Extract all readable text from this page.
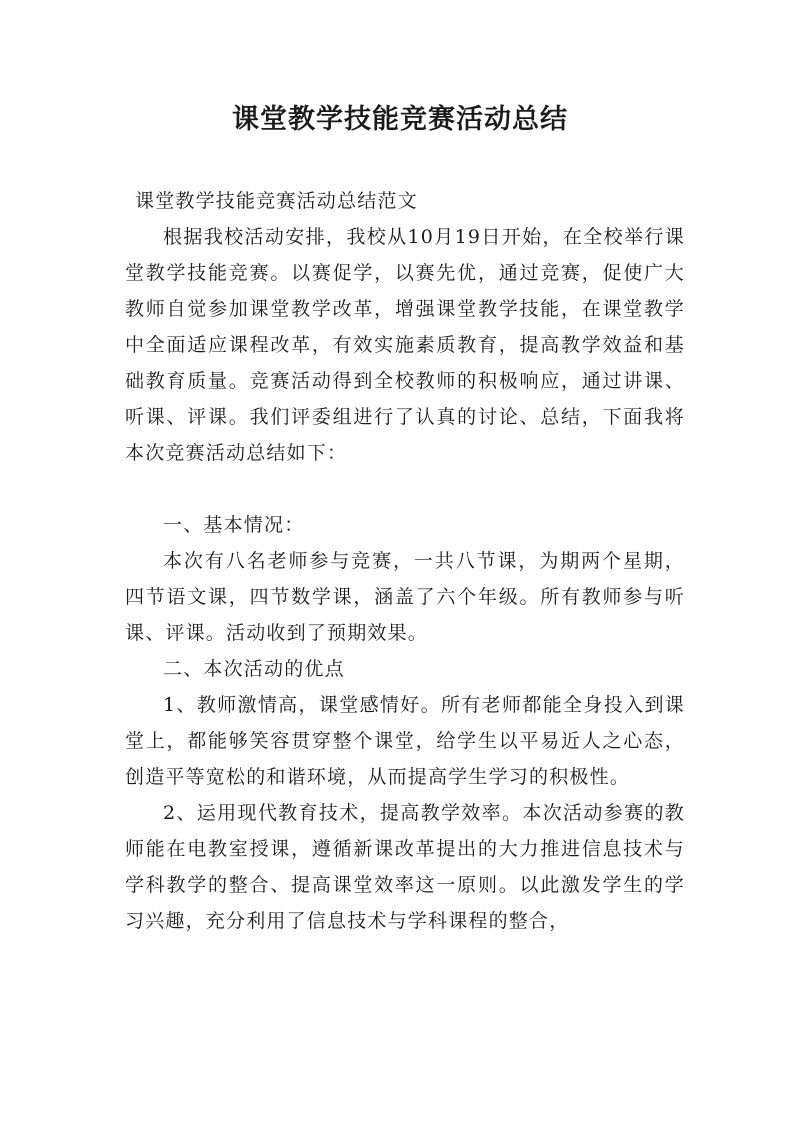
课堂教学技能竞赛活动总结

课堂教学技能竞赛活动总结范文

根据我校活动安排，我校从10月19日开始，在全校举行课堂教学技能竞赛。以赛促学，以赛先优，通过竞赛，促使广大教师自觉参加课堂教学改革，增强课堂教学技能，在课堂教学中全面适应课程改革，有效实施素质教育，提高教学效益和基础教育质量。竞赛活动得到全校教师的积极响应，通过讲课、听课、评课。我们评委组进行了认真的讨论、总结，下面我将本次竞赛活动总结如下：

一、基本情况：

本次有八名老师参与竞赛，一共八节课，为期两个星期，四节语文课，四节数学课，涵盖了六个年级。所有教师参与听课、评课。活动收到了预期效果。

二、本次活动的优点

1、教师激情高，课堂感情好。所有老师都能全身投入到课堂上，都能够笑容贯穿整个课堂，给学生以平易近人之心态，创造平等宽松的和谐环境，从而提高学生学习的积极性。

2、运用现代教育技术，提高教学效率。本次活动参赛的教师能在电教室授课，遵循新课改革提出的大力推进信息技术与学科教学的整合、提高课堂效率这一原则。以此激发学生的学习兴趣，充分利用了信息技术与学科课程的整合，
